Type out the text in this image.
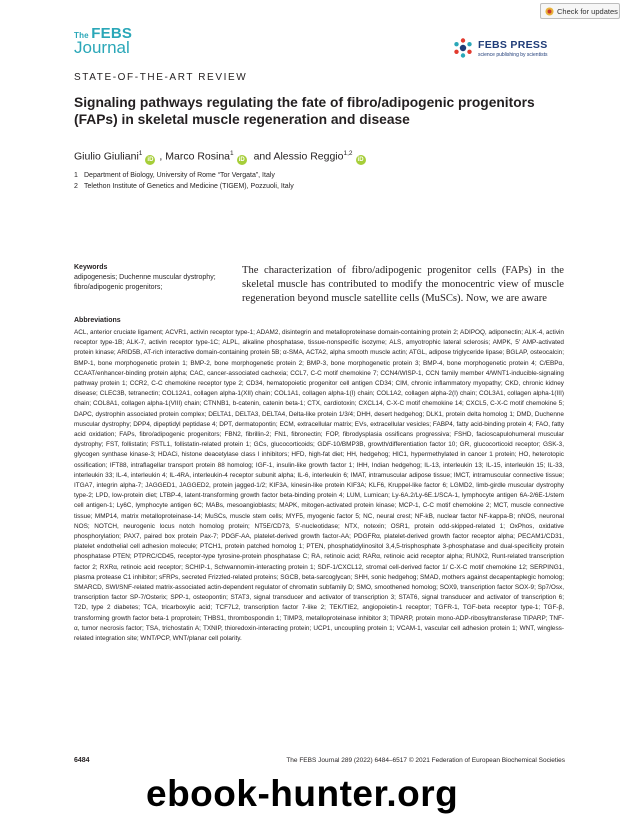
Check for updates
The FEBS
Journal	FEBS PRESS
science publishing by scientists
STATE-OF-THE-ART REVIEW
Signaling pathways regulating the fate of fibro/adipogenic progenitors (FAPs) in skeletal muscle regeneration and disease
Giulio Giuliani$^1$iD , Marco Rosina$^1$iD and Alessio Reggio$^{1,2}$iD
1 Department of Biology, University of Rome “Tor Vergata”, Italy
2 Telethon Institute of Genetics and Medicine (TIGEM), Pozzuoli, Italy
Keywords
adipogenesis; Duchenne muscular dystrophy; fibro/adipogenic progenitors;

The characterization of fibro/adipogenic progenitor cells (FAPs) in the skeletal muscle has contributed to modify the monocentric view of muscle regeneration beyond muscle satellite cells (MuSCs). Now, we are aware

Abbreviations

ACL, anterior cruciate ligament; ACVR1, activin receptor type-1; ADAM2, disintegrin and metalloproteinase domain-containing protein 2; ADIPOQ, adiponectin; ALK-4, activin receptor type-1B; ALK-7, activin receptor type-1C; ALPL, alkaline phosphatase, tissue-nonspecific isozyme; ALS, amyotrophic lateral sclerosis; AMPK, 5′ AMP-activated protein kinase; ARID5B, AT-rich interactive domain-containing protein 5B; α-SMA, ACTA2, alpha smooth muscle actin; ATGL, adipose triglyceride lipase; BGLAP, osteocalcin; BMP-1, bone morphogenetic protein 1; BMP-2, bone morphogenetic protein 2; BMP-3, bone morphogenetic protein 3; BMP-4, bone morphogenetic protein 4; C/EBPα, CCAAT/enhancer-binding protein alpha; CAC, cancer-associated cachexia; CCL7, C-C motif chemokine 7; CCN4/WISP-1, CCN family member 4/WNT1-inducible-signaling pathway protein 1; CCR2, C-C chemokine receptor type 2; CD34, hematopoietic progenitor cell antigen CD34; CIM, chronic inflammatory myopathy; CKD, chronic kidney disease; CLEC3B, tetranectin; COL12A1, collagen alpha-1(XII) chain; COL1A1, collagen alpha-1(I) chain; COL1A2, collagen alpha-2(I) chain; COL3A1, collagen alpha-1(III) chain; COL8A1, collagen alpha-1(VIII) chain; CTNNB1, b-catenin, catenin beta-1; CTX, cardiotoxin; CXCL14, C-X-C motif chemokine 14; CXCL5, C-X-C motif chemokine 5; DAPC, dystrophin associated protein complex; DELTA1, DELTA3, DELTA4, Delta-like protein 1/3/4; DHH, desert hedgehog; DLK1, protein delta homolog 1; DMD, Duchenne muscular dystrophy; DPP4, dipeptidyl peptidase 4; DPT, dermatopontin; ECM, extracellular matrix; EVs, extracellular vesicles; FABP4, fatty acid-binding protein 4; FAO, fatty acid oxidation; FAPs, fibro/adipogenic progenitors; FBN2, fibrillin-2; FN1, fibronectin; FOP, fibrodysplasia ossificans progressiva; FSHD, facioscapulohumeral muscular dystrophy; FST, follistatin; FSTL1, follistatin-related protein 1; GCs, glucocorticoids; GDF-10/BMP3B, growth/differentiation factor 10; GR, glucocorticoid receptor; GSK-3, glycogen synthase kinase-3; HDACi, histone deacetylase class I inhibitors; HFD, high-fat diet; HH, hedgehog; HIC1, hypermethylated in cancer 1 protein; HO, heterotopic ossification; IFT88, intraflagellar transport protein 88 homolog; IGF-1, insulin-like growth factor 1; IHH, Indian hedgehog; IL-13, interleukin 13; IL-15, interleukin 15; IL-33, interleukin 33; IL-4, interleukin 4; IL-4RA, interleukin-4 receptor subunit alpha; IL-6, interleukin 6; IMAT, intramuscular adipose tissue; IMCT, intramuscular connective tissue; ITGA7, integrin alpha-7; JAGGED1, JAGGED2, protein jagged-1/2; KIF3A, kinesin-like protein KIF3A; KLF6, Kruppel-like factor 6; LGMD2, limb-girdle muscular dystrophy type-2; LPD, low-protein diet; LTBP-4, latent-transforming growth factor beta-binding protein 4; LUM, Lumican; Ly-6A.2/Ly-6E.1/SCA-1, lymphocyte antigen 6A-2/6E-1/stem cell antigen-1; Ly6C, lymphocyte antigen 6C; MABs, mesoangioblasts; MAPK, mitogen-activated protein kinase; MCP-1, C-C motif chemokine 2; MCT, muscle connective tissue; MMP14, matrix metalloproteinase-14; MuSCs, muscle stem cells; MYF5, myogenic factor 5; NC, neural crest; NF-kB, nuclear factor NF-kappa-B; nNOS, neuronal NOS; NOTCH, neurogenic locus notch homolog protein; NT5E/CD73, 5′-nucleotidase; NTX, notexin; OSR1, protein odd-skipped-related 1; OxPhos, oxidative phosphorylation; PAX7, paired box protein Pax-7; PDGF-AA, platelet-derived growth factor-AA; PDGFRα, platelet-derived growth factor receptor alpha; PECAM1/CD31, platelet endothelial cell adhesion molecule; PTCH1, protein patched homolog 1; PTEN, phosphatidylinositol 3,4,5-trisphosphate 3-phosphatase and dual-specificity protein phosphatase PTEN; PTPRC/CD45, receptor-type tyrosine-protein phosphatase C; RA, retinoic acid; RARα, retinoic acid receptor alpha; RUNX2, Runt-related transcription factor 2; RXRα, retinoic acid receptor; SCHIP-1, Schwannomin-interacting protein 1; SDF-1/CXCL12, stromal cell-derived factor 1/ C-X-C motif chemokine 12; SERPING1, plasma protease C1 inhibitor; sFRPs, secreted Frizzled-related proteins; SGCB, beta-sarcoglycan; SHH, sonic hedgehog; SMAD, mothers against decapentaplegic homolog; SMARCD, SWI/SNF-related matrix-associated actin-dependent regulator of chromatin subfamily D; SMO, smoothened homolog; SOX9, transcription factor SOX-9; Sp7/Osx, transcription factor SP-7/Osterix; SPP-1, osteopontin; STAT3, signal transducer and activator of transcription 3; STAT6, signal transducer and activator of transcription 6; T2D, type 2 diabetes; TCA, tricarboxylic acid; TCF7L2, transcription factor 7-like 2; TEK/TIE2, angiopoietin-1 receptor; TGFR-1, TGF-beta receptor type-1; TGF-β, transforming growth factor beta-1 proprotein; THBS1, thrombospondin 1; TIMP3, metalloproteinase inhibitor 3; TIPARP, protein mono-ADP-ribosyltransferase TIPARP; TNF-α, tumor necrosis factor; TSA, trichostatin A; TXNIP, thioredoxin-interacting protein; UCP1, uncoupling protein 1; VCAM-1, vascular cell adhesion protein 1; WNT, wingless-related integration site; WNT/PCP, WNT/planar cell polarity.

6484	The FEBS Journal 289 (2022) 6484–6517 © 2021 Federation of European Biochemical Societies
ebook-hunter.org
